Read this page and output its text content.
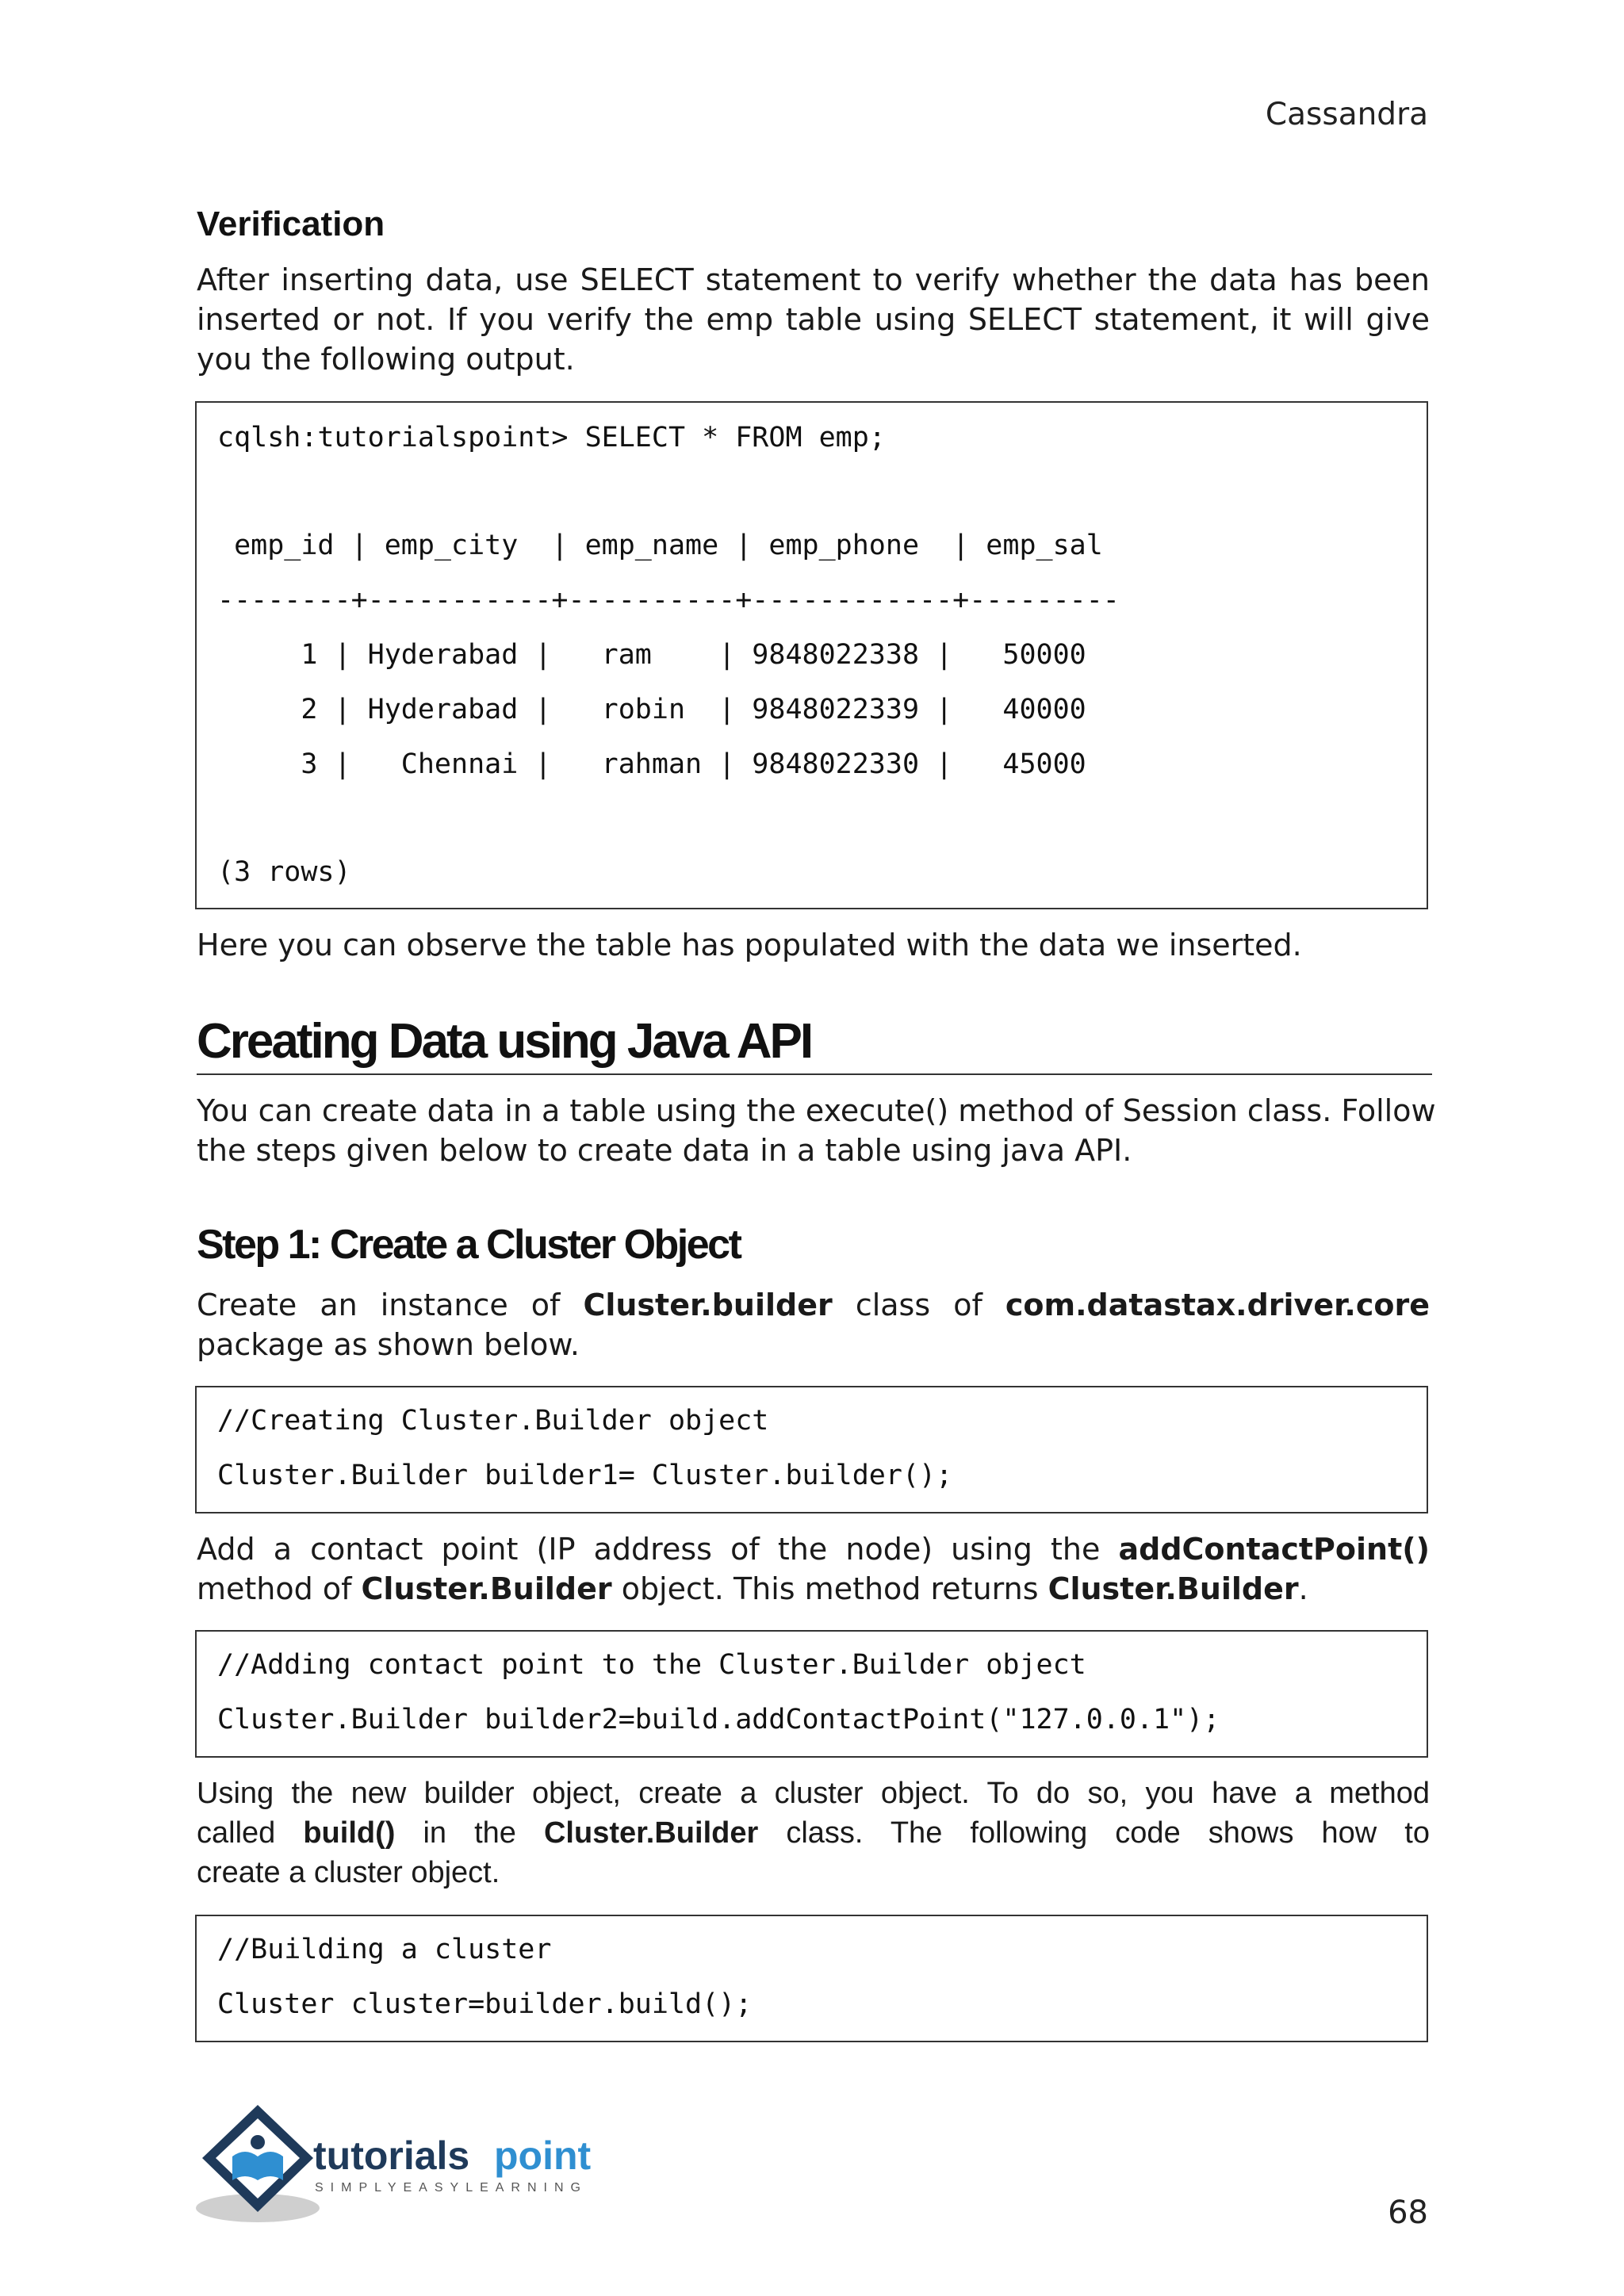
Cassandra
Verification
After inserting data, use SELECT statement to verify whether the data has been
inserted or not. If you verify the emp table using SELECT statement, it will give
you the following output.
cqlsh:tutorialspoint> SELECT * FROM emp;
emp_id | emp_city  | emp_name | emp_phone  | emp_sal
--------+-----------+----------+------------+---------
1 | Hyderabad |   ram    | 9848022338 |   50000
2 | Hyderabad |   robin  | 9848022339 |   40000
3 |   Chennai |   rahman | 9848022330 |   45000
(3 rows)
Here you can observe the table has populated with the data we inserted.
Creating Data using Java API
You can create data in a table using the execute() method of Session class. Follow
the steps given below to create data in a table using java API.
Step 1: Create a Cluster Object
Create an instance of Cluster.builder class of com.datastax.driver.core
package as shown below.
//Creating Cluster.Builder object
Cluster.Builder builder1= Cluster.builder();
Add a contact point (IP address of the node) using the addContactPoint()
method of Cluster.Builder object. This method returns Cluster.Builder.
//Adding contact point to the Cluster.Builder object
Cluster.Builder builder2=build.addContactPoint("127.0.0.1");
Using the new builder object, create a cluster object. To do so, you have a method
called build() in the Cluster.Builder class. The following code shows how to
create a cluster object.
//Building a cluster
Cluster cluster=builder.build();
tutorials point
SIMPLYEASYLEARNING
68
